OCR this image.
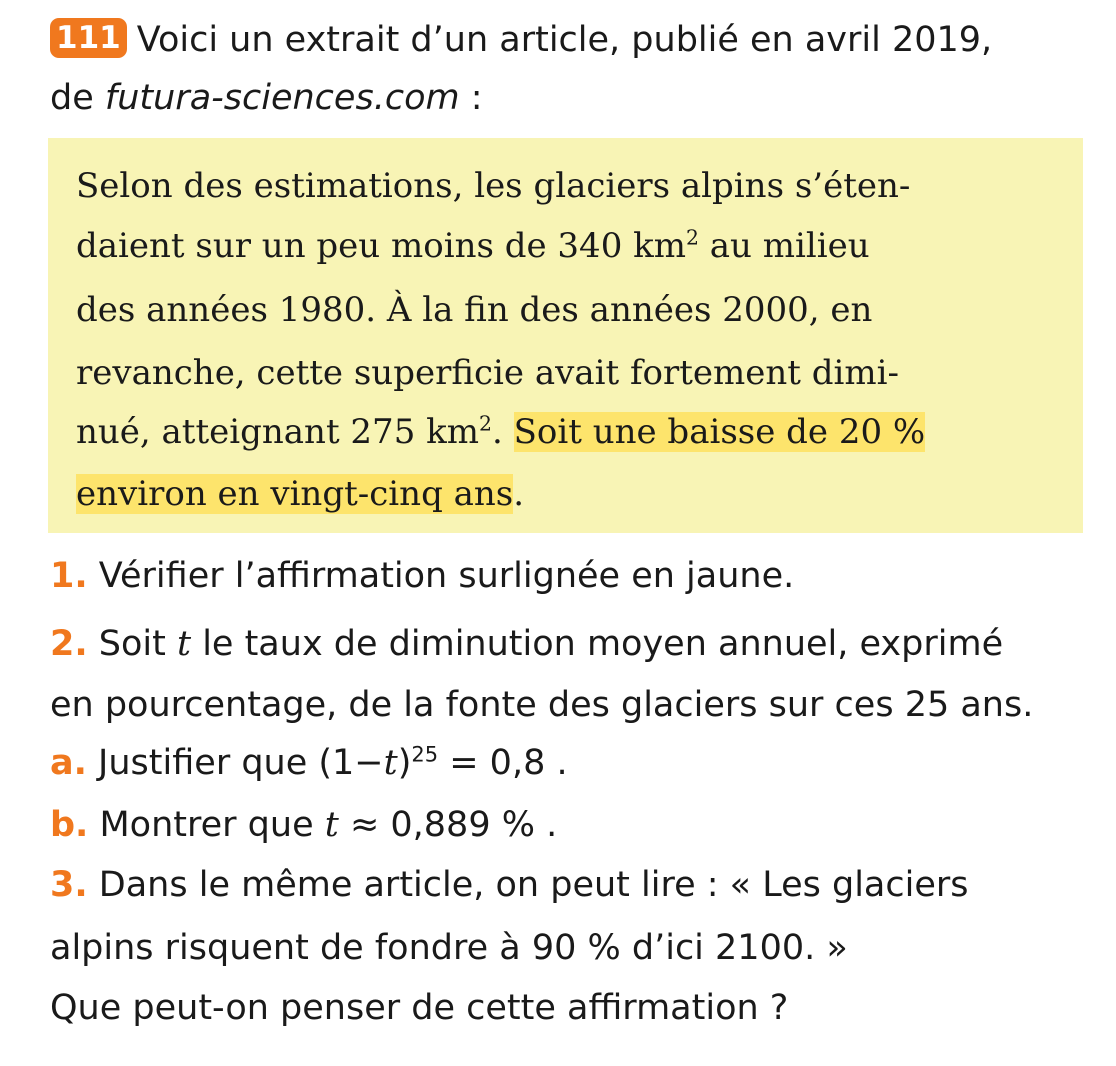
111 Voici un extrait d’un article, publié en avril 2019,
de futura-sciences.com :
Selon des estimations, les glaciers alpins s’éten-
daient sur un peu moins de 340 $km^2$ au milieu
des années 1980. À la fin des années 2000, en
revanche, cette superficie avait fortement dimi-
nué, atteignant 275 $km^2$. Soit une baisse de 20 %
environ en vingt-cinq ans.
1. Vérifier l’affirmation surlignée en jaune.
2. Soit t le taux de diminution moyen annuel, exprimé
en pourcentage, de la fonte des glaciers sur ces 25 ans.
a. Justifier que $(1-t)^{25} = 0,8$ .
b. Montrer que t ≈ 0,889 % .
3. Dans le même article, on peut lire : « Les glaciers
alpins risquent de fondre à 90 % d’ici 2100. »
Que peut-on penser de cette affirmation ?
